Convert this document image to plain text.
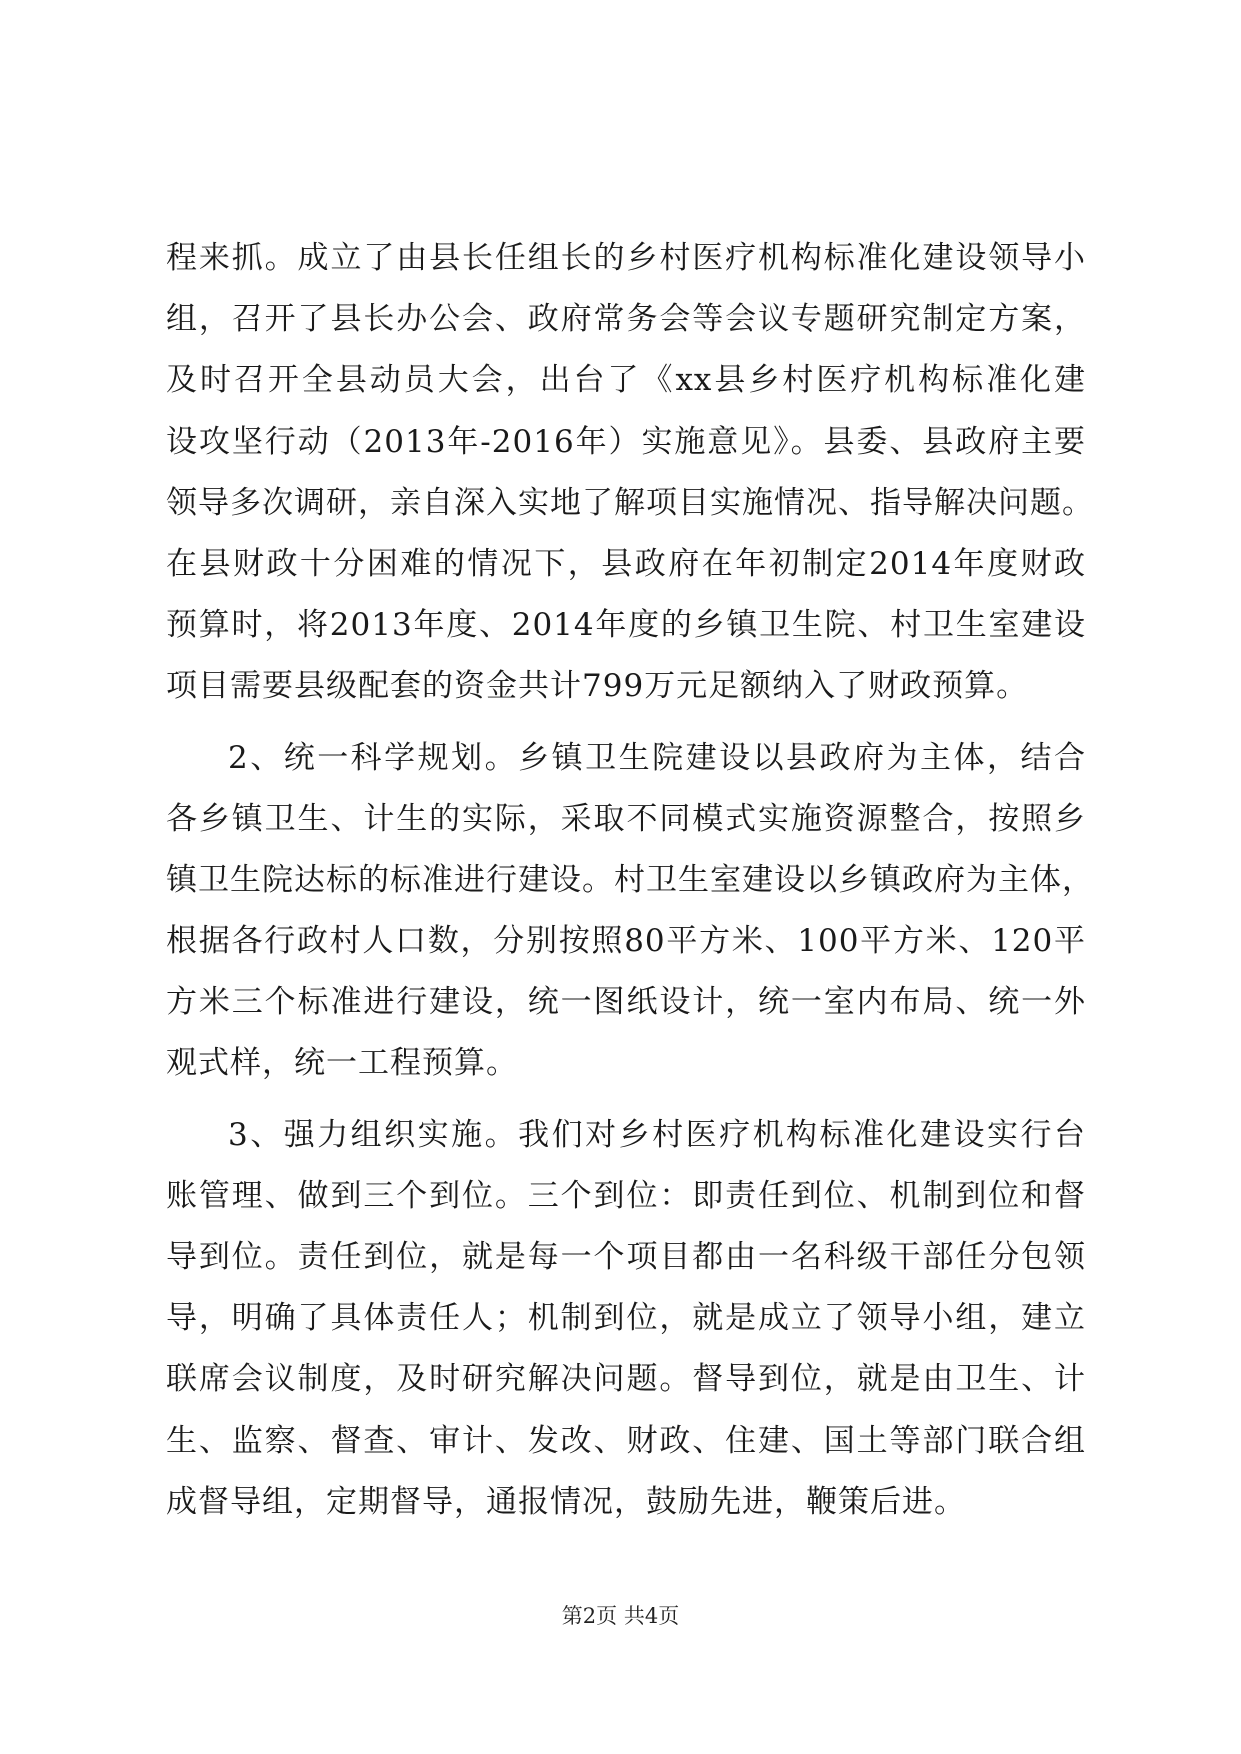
程来抓。成立了由县长任组长的乡村医疗机构标准化建设领导小
组，召开了县长办公会、政府常务会等会议专题研究制定方案，
及时召开全县动员大会，出台了《xx县乡村医疗机构标准化建
设攻坚行动（2013年-2016年）实施意见》。县委、县政府主要
领导多次调研，亲自深入实地了解项目实施情况、指导解决问题。
在县财政十分困难的情况下，县政府在年初制定2014年度财政
预算时，将2013年度、2014年度的乡镇卫生院、村卫生室建设
项目需要县级配套的资金共计799万元足额纳入了财政预算。
2、统一科学规划。乡镇卫生院建设以县政府为主体，结合
各乡镇卫生、计生的实际，采取不同模式实施资源整合，按照乡
镇卫生院达标的标准进行建设。村卫生室建设以乡镇政府为主体，
根据各行政村人口数，分别按照80平方米、100平方米、120平
方米三个标准进行建设，统一图纸设计，统一室内布局、统一外
观式样，统一工程预算。
3、强力组织实施。我们对乡村医疗机构标准化建设实行台
账管理、做到三个到位。三个到位：即责任到位、机制到位和督
导到位。责任到位，就是每一个项目都由一名科级干部任分包领
导，明确了具体责任人；机制到位，就是成立了领导小组，建立
联席会议制度，及时研究解决问题。督导到位，就是由卫生、计
生、监察、督查、审计、发改、财政、住建、国土等部门联合组
成督导组，定期督导，通报情况，鼓励先进，鞭策后进。
第2页 共4页
